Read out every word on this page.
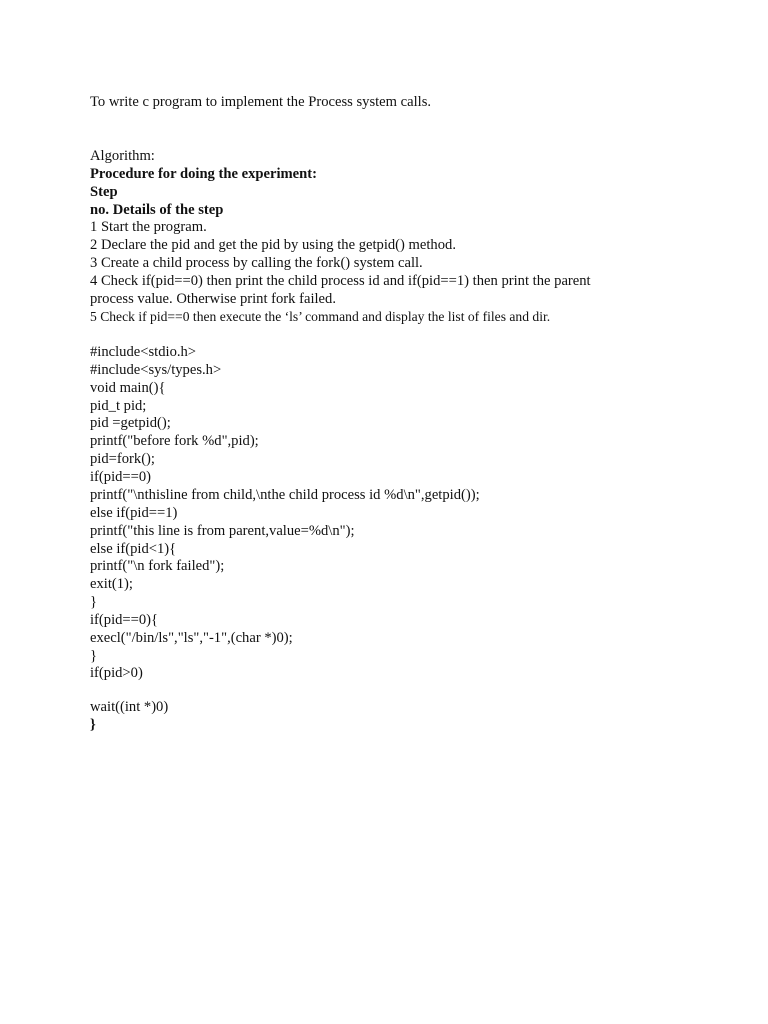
To write c program to implement the Process system calls.
Algorithm:
Procedure for doing the experiment:
Step
no. Details of the step
1 Start the program.
2 Declare the pid and get the pid by using the getpid() method.
3 Create a child process by calling the fork() system call.
4 Check if(pid==0) then print the child process id and if(pid==1) then print the parent
process value. Otherwise print fork failed.
5 Check if pid==0 then execute the ‘ls’ command and display the list of files and dir.
#include<stdio.h>
#include<sys/types.h>
void main(){
pid_t pid;
pid =getpid();
printf("before fork %d",pid);
pid=fork();
if(pid==0)
printf("\nthisline from child,\nthe child process id %d\n",getpid());
else if(pid==1)
printf("this line is from parent,value=%d\n");
else if(pid<1){
printf("\n fork failed");
exit(1);
}
if(pid==0){
execl("/bin/ls","ls","-1",(char *)0);
}
if(pid>0)
wait((int *)0)
}
